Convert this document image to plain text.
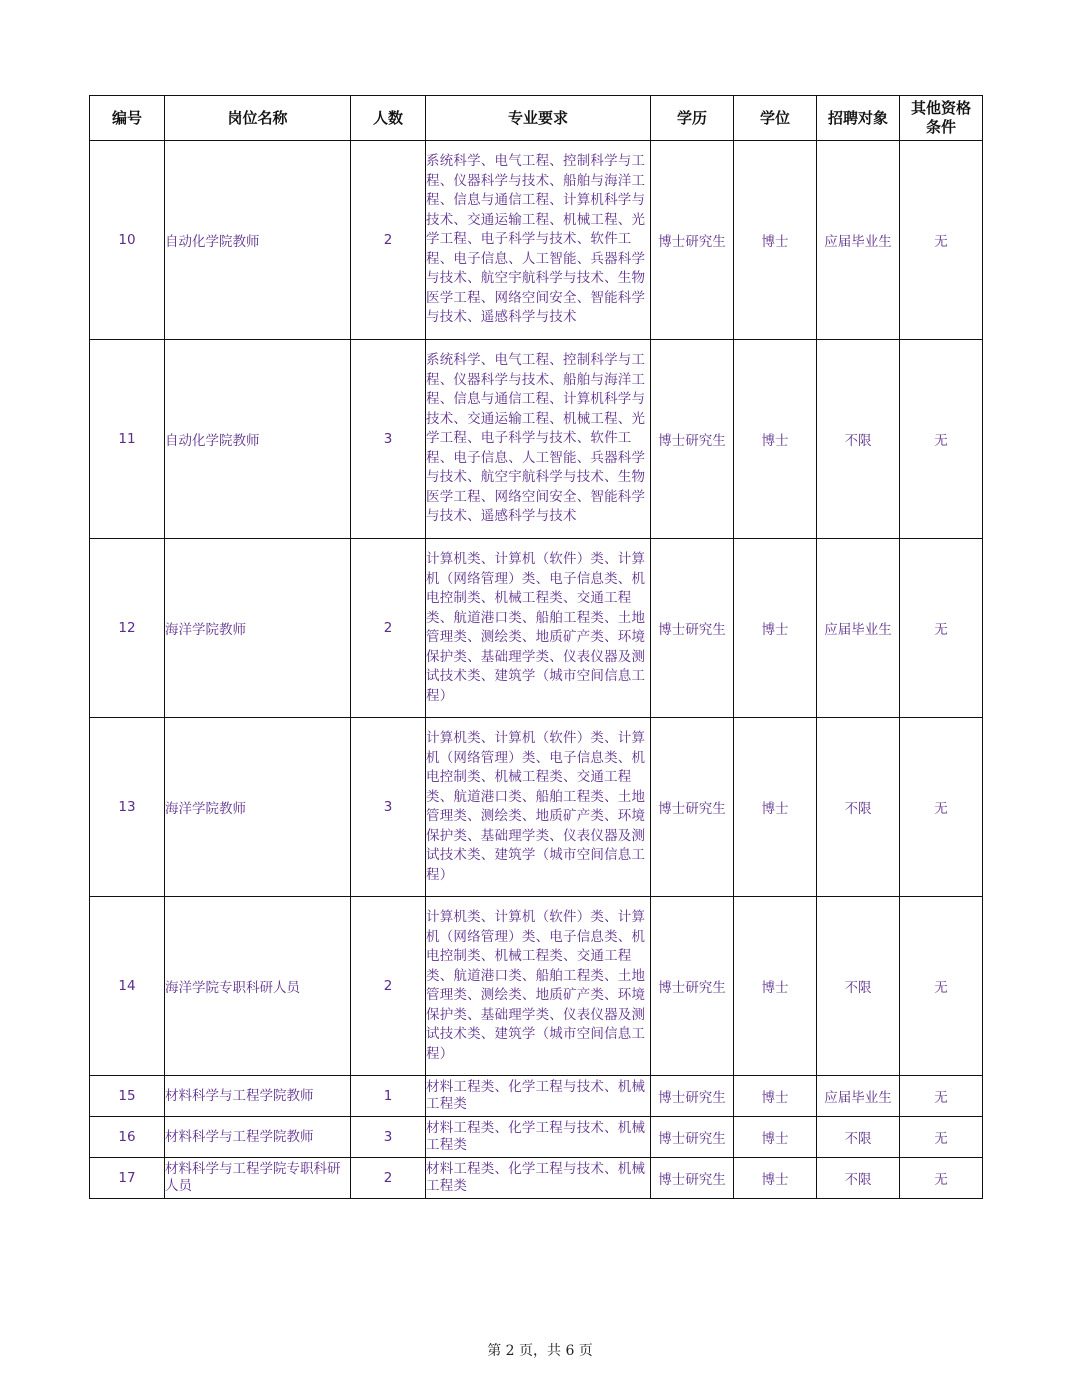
编号	岗位名称	人数	专业要求	学历	学位	招聘对象	其他资格条件
10	自动化学院教师	2	系统科学、电气工程、控制科学与工程、仪器科学与技术、船舶与海洋工程、信息与通信工程、计算机科学与技术、交通运输工程、机械工程、光学工程、电子科学与技术、软件工程、电子信息、人工智能、兵器科学与技术、航空宇航科学与技术、生物医学工程、网络空间安全、智能科学与技术、遥感科学与技术	博士研究生	博士	应届毕业生	无
11	自动化学院教师	3	系统科学、电气工程、控制科学与工程、仪器科学与技术、船舶与海洋工程、信息与通信工程、计算机科学与技术、交通运输工程、机械工程、光学工程、电子科学与技术、软件工程、电子信息、人工智能、兵器科学与技术、航空宇航科学与技术、生物医学工程、网络空间安全、智能科学与技术、遥感科学与技术	博士研究生	博士	不限	无
12	海洋学院教师	2	计算机类、计算机（软件）类、计算机（网络管理）类、电子信息类、机电控制类、机械工程类、交通工程类、航道港口类、船舶工程类、土地管理类、测绘类、地质矿产类、环境保护类、基础理学类、仪表仪器及测试技术类、建筑学（城市空间信息工程）	博士研究生	博士	应届毕业生	无
13	海洋学院教师	3	计算机类、计算机（软件）类、计算机（网络管理）类、电子信息类、机电控制类、机械工程类、交通工程类、航道港口类、船舶工程类、土地管理类、测绘类、地质矿产类、环境保护类、基础理学类、仪表仪器及测试技术类、建筑学（城市空间信息工程）	博士研究生	博士	不限	无
14	海洋学院专职科研人员	2	计算机类、计算机（软件）类、计算机（网络管理）类、电子信息类、机电控制类、机械工程类、交通工程类、航道港口类、船舶工程类、土地管理类、测绘类、地质矿产类、环境保护类、基础理学类、仪表仪器及测试技术类、建筑学（城市空间信息工程）	博士研究生	博士	不限	无
15	材料科学与工程学院教师	1	材料工程类、化学工程与技术、机械工程类	博士研究生	博士	应届毕业生	无
16	材料科学与工程学院教师	3	材料工程类、化学工程与技术、机械工程类	博士研究生	博士	不限	无
17	材料科学与工程学院专职科研人员	2	材料工程类、化学工程与技术、机械工程类	博士研究生	博士	不限	无
第 2 页，共 6 页
